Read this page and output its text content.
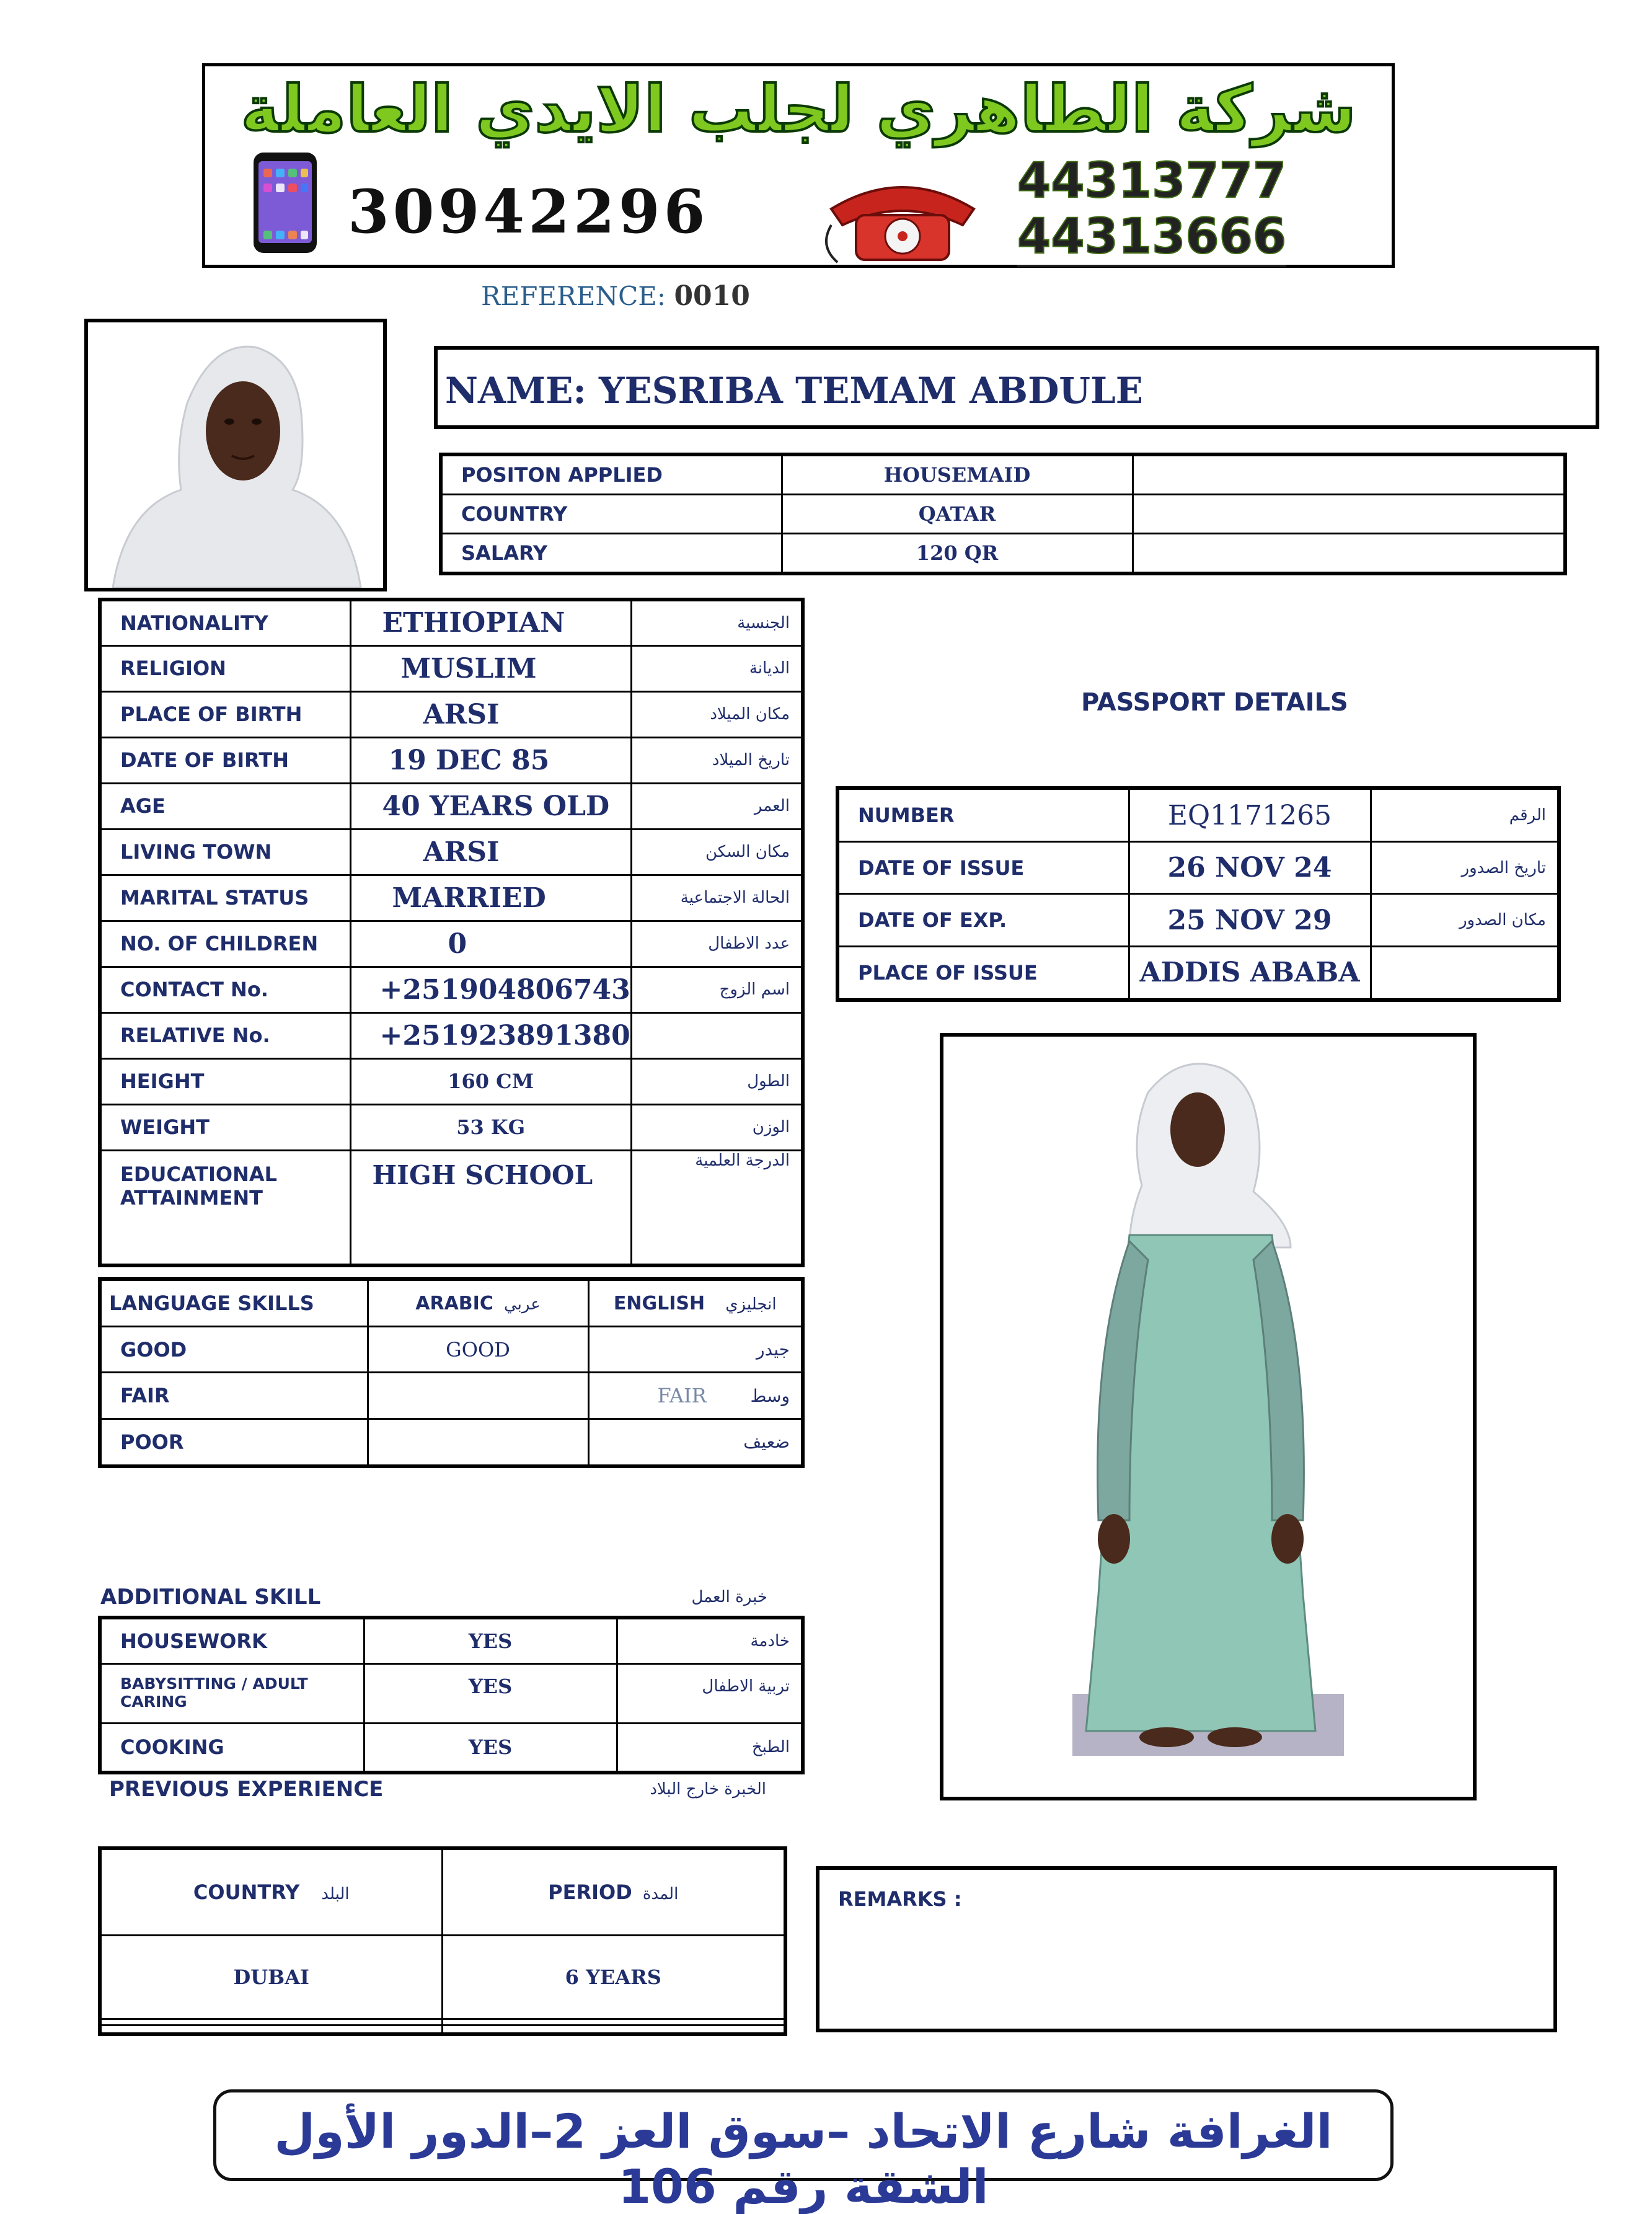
شركة الطاهري لجلب الايدي العاملة
30942296	44313777
44313666
REFERENCE: 0010
NAME: YESRIBA TEMAM ABDULE
POSITON APPLIED	HOUSEMAID	
COUNTRY	QATAR	
SALARY	120 QR	
NATIONALITY	ETHIOPIAN	الجنسية
RELIGION	MUSLIM	الديانة
PLACE OF BIRTH	ARSI	مكان الميلاد
DATE OF BIRTH	19 DEC 85	تاريخ الميلاد
AGE	40 YEARS OLD	العمر
LIVING TOWN	ARSI	مكان السكن
MARITAL STATUS	MARRIED	الحالة الاجتماعية
NO. OF CHILDREN	0	عدد الاطفال
CONTACT No.	+251904806743	اسم الزوج
RELATIVE No.	+251923891380	
HEIGHT	160 CM	الطول
WEIGHT	53 KG	الوزن
EDUCATIONAL ATTAINMENT	HIGH SCHOOL	الدرجة العلمية
PASSPORT DETAILS
NUMBER	EQ1171265	الرقم
DATE OF ISSUE	26 NOV 24	تاريخ الصدور
DATE OF EXP.	25 NOV 29	مكان الصدور
PLACE OF ISSUE	ADDIS ABABA	
LANGUAGE SKILLS	ARABIC عربي	ENGLISH انجليزي
GOOD	GOOD	جيدر

FAIR		FAIR وسط

POOR		ضعيف
ADDITIONAL SKILL	خبرة العمل
HOUSEWORK	YES	خادمة
BABYSITTING / ADULT CARING	YES	تربية الاطفال
COOKING	YES	الطبخ
PREVIOUS EXPERIENCE	الخبرة خارج البلاد
COUNTRY البلد	PERIOD المدة
DUBAI	6 YEARS

REMARKS :
الغرافة شارع الاتحاد –سوق العز 2–الدور الأول الشقة رقم 106
